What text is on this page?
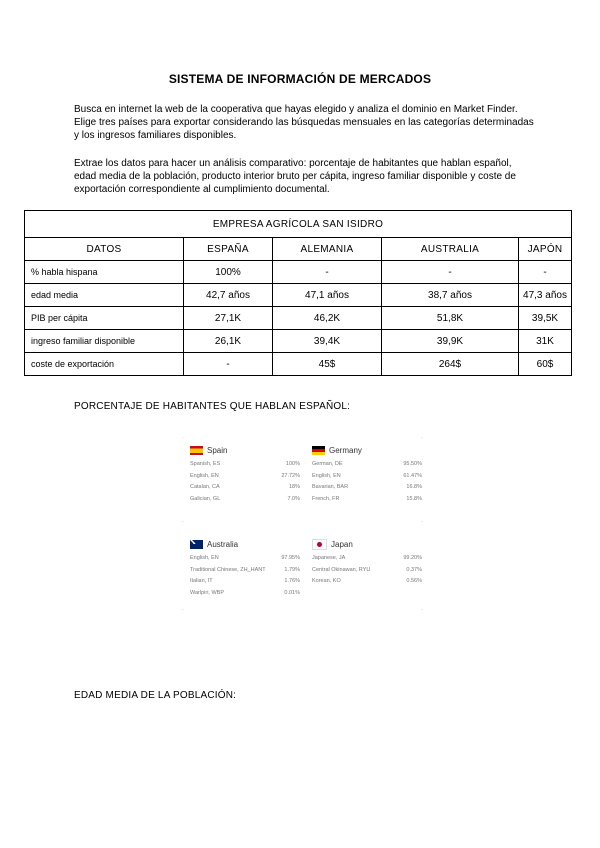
SISTEMA DE INFORMACIÓN DE MERCADOS
Busca en internet la web de la cooperativa que hayas elegido y analiza el dominio en Market Finder. Elige tres países para exportar considerando las búsquedas mensuales en las categorías determinadas y los ingresos familiares disponibles.
Extrae los datos para hacer un análisis comparativo: porcentaje de habitantes que hablan español, edad media de la población, producto interior bruto per cápita, ingreso familiar disponible y coste de exportación correspondiente al cumplimiento documental.
EMPRESA AGRÍCOLA SAN ISIDRO				
DATOS	ESPAÑA	ALEMANIA	AUSTRALIA	JAPÓN
% habla hispana	100%	-	-	-
edad media	42,7 años	47,1 años	38,7 años	47,3 años
PIB per cápita	27,1K	46,2K	51,8K	39,5K
ingreso familiar disponible	26,1K	39,4K	39,9K	31K
coste de exportación	-	45$	264$	60$
PORCENTAJE DE HABITANTES QUE HABLAN ESPAÑOL:
·	·
·	·
·	·
Spain
Spanish, ES	100%
English, EN	27.72%
Catalan, CA	18%
Galician, GL	7.0%
Germany
German, DE	95.50%
English, EN	61.47%
Bavarian, BAR	16.8%
French, FR	15.8%
Australia
English, EN	97.95%
Traditional Chinese, ZH_HANT	1.79%
Italian, IT	1.76%
Warlpiri, WBP	0.01%
Japan
Japanese, JA	99.20%
Central Okinawan, RYU	0.37%
Korean, KO	0.56%
EDAD MEDIA DE LA POBLACIÓN:
